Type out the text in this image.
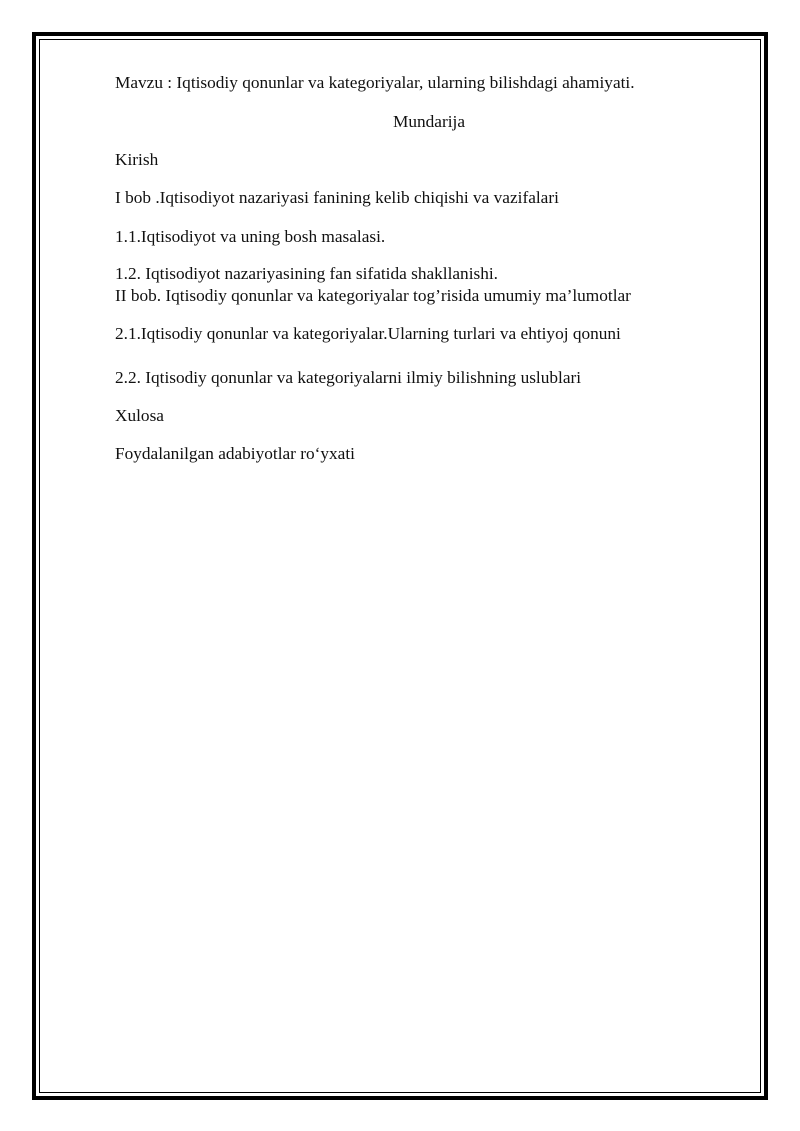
Mavzu : Iqtisodiy qonunlar va kategoriyalar, ularning bilishdagi ahamiyati.
Mundarija
Kirish
I bob .Iqtisodiyot nazariyasi fanining kelib chiqishi va vazifalari
1.1.Iqtisodiyot va uning bosh masalasi.
1.2. Iqtisodiyot nazariyasining fan sifatida shakllanishi.
II bob. Iqtisodiy qonunlar va kategoriyalar tog’risida umumiy ma’lumotlar
2.1.Iqtisodiy qonunlar va kategoriyalar.Ularning turlari va ehtiyoj qonuni
2.2. Iqtisodiy qonunlar va kategoriyalarni ilmiy bilishning uslublari
Xulosa
Foydalanilgan adabiyotlar ro‘yxati
